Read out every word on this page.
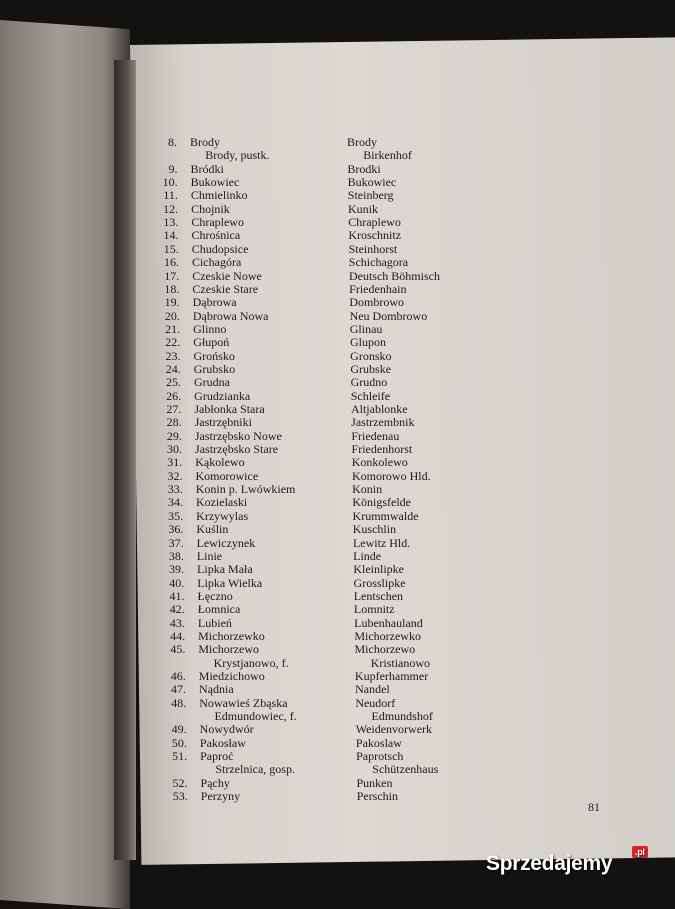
8. Brody	Brody
Brody, pustk.	Birkenhof
9. Bródki	Brodki
10. Bukowiec	Bukowiec
11. Chmielinko	Steinberg
12. Chojnik	Kunik
13. Chraplewo	Chraplewo
14. Chrośnica	Kroschnitz
15. Chudopsice	Steinhorst
16. Cichagóra	Schichagora
17. Czeskie Nowe	Deutsch Böhmisch
18. Czeskie Stare	Friedenhain
19. Dąbrowa	Dombrowo
20. Dąbrowa Nowa	Neu Dombrowo
21. Glinno	Glinau
22. Głupoń	Glupon
23. Grońsko	Gronsko
24. Grubsko	Grubske
25. Grudna	Grudno
26. Grudzianka	Schleife
27. Jabłonka Stara	Altjablonke
28. Jastrzębniki	Jastrzembnik
29. Jastrzębsko Nowe	Friedenau
30. Jastrzębsko Stare	Friedenhorst
31. Kąkolewo	Konkolewo
32. Komorowice	Komorowo Hld.
33. Konin p. Lwówkiem	Konin
34. Kozielaski	Königsfelde
35. Krzywylas	Krummwalde
36. Kuślin	Kuschlin
37. Lewiczynek	Lewitz Hld.
38. Linie	Linde
39. Lipka Mała	Kleinlipke
40. Lipka Wielka	Grosslipke
41. Łęczno	Lentschen
42. Łomnica	Lomnitz
43. Lubień	Lubenhauland
44. Michorzewko	Michorzewko
45. Michorzewo	Michorzewo
Krystjanowo, f.	Kristianowo
46. Miedzichowo	Kupferhammer
47. Nądnia	Nandel
48. Nowawieś Zbąska	Neudorf
Edmundowiec, f.	Edmundshof
49. Nowydwór	Weidenvorwerk
50. Pakosław	Pakoslaw
51. Paproć	Paprotsch
Strzelnica, gosp.	Schützenhaus
52. Pąchy	Punken
53. Perzyny	Perschin
81
Sprzedajemy	.pl
